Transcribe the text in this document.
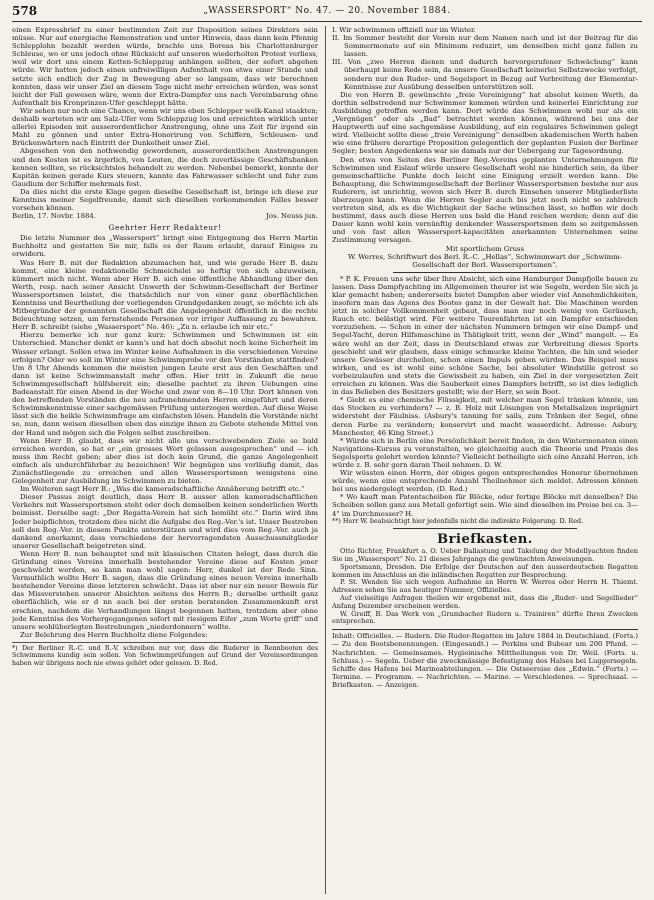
578	„WASSERSPORT“ No. 47. — 20. November 1884.

einen Expressbrief zu einer bestimmten Zeit zur Disposition seines Direktors sein müsse. Nur auf energische Remonstration und unter Hinweis, dass dann kein Pfennig Schlepplohn bezahlt werden würde, brachte uns Boreas bis Charlottenburger Schleuse, wo er uns jedoch ohne Rücksicht auf unseren wiederholten Protest verliess, weil wir dort uns einem Ketten-Schleppzug anhängen sollten, der sofort abgehen würde. Wir hatten jedoch einen unfreiwilligen Aufenthalt von etwa einer Stunde und setzte sich endlich der Zug in Bewegung aber so langsam, dass wir berechnen konnten, dass wir unser Ziel an diesem Tage nicht mehr erreichen würden, was sonst leicht der Fall gewesen wäre, wenn der Extra-Dampfer uns nach Vereinbarung ohne Aufenthalt bis Kronprinzen-Ufer geschleppt hätte.

Wir sehen nur noch eine Chance, wenn wir uns eben Schlepper welk-Kanal staakten; deshalb warteten wir am Salz-Ufer vom Schleppzug los und erreichten wirklich unter allerlei Episoden mit ausserordentlicher Anstrengung, ohne uns Zeit für irgend ein Mahl zu gönnen und unter Extra-Honorirung von Schiffern, Schleusen- und Brückenwärtern nach Eintritt der Dunkelheit unser Ziel.

Abgesehen von den nothwendig gewordenen, ausserordentlichen Anstrengungen und den Kosten ist es ärgerlich, von Leuten, die doch zuverlässige Geschäftsbanken kennen sollten, so rücksichtslos behandelt zu werden. Nebenbei bemerkt, konnte der Kapitän keinen gerade Kurs steuern, kannte das Fahrwasser schlecht und fuhr zum Gaudium der Schiffer mehrmals fest.

Da dies nicht die erste Klage gegen dieselbe Gesellschaft ist, bringe ich diese zur Kenntniss meiner Segelfreunde, damit sich dieselben vorkommenden Falles besser vorsehen können.

Berlin, 17. Novbr. 1884.	Jos. Neuss jun.
Geehrter Herr Redakteur!

Die letzte Nummer des „Wassersport“ bringt eine Entgegnung des Herrn Martin Buchholtz und gestatten Sie mir, falls es der Raum erlaubt, darauf Einiges zu erwidern.

Was Herr B. mit der Redaktion abzumachen hat, und wie gerade Herr B. dazu kommt, eine kleine redaktionelle Schmeichelei so heftig von sich abzuweisen, kümmert mich nicht. Wenn aber Herr B. sich eine öffentliche Abhandlung über den Werth, resp. nach seiner Ansicht Unwerth der Schwimm-Gesellschaft der Berliner Wassersportsmen leistet, die thatsächlich nur von einer ganz oberflächlichen Kenntniss und Beurtheilung der vorliegenden Grundgedanken zeugt, so möchte ich als Mitbegründer der genannten Gesellschaft die Angelegenheit öffentlich in die rechte Beleuchtung setzen, um fernstehende Personen vor irriger Auffassung zu bewahren. Herr B. schreibt (siehe „Wassersport“ No. 46): „Zu n. erlaube ich mir etc.“

Hierzu bemerke ich nur ganz kurz: Schwimmen und Schwimmen ist ein Unterschied. Mancher denkt er kann's und hat doch absolut noch keine Sicherheit im Wasser erlangt. Sollen etwa im Winter keine Aufnahmen in die verschiedenen Vereine erfolgen? Oder wo soll im Winter eine Schwimmprobe vor den Vorständen stattfinden? Um 8 Uhr Abends kommen die meisten jungen Leute erst aus den Geschäften und dann ist keine Schwimmanstalt mehr offen. Hier tritt in Zukunft die neue Schwimmgesellschaft hülfsbereit ein; dieselbe pachtet zu ihren Uebungen eine Badeanstalt für einen Abend in der Woche und zwar von 8—10 Uhr. Dort können von den betreffenden Vorständen die neu aufzunehmenden Herren eingeführt und deren Schwimmkenntnisse einer sachgemässen Prüfung unterzogen werden. Auf diese Weise lässt sich die heikle Schwimmfrage am einfachsten lösen. Handeln die Vorstände nicht so, nun, dann weisen dieselben eben das einzige ihnen zu Gebote stehende Mittel von der Hand und mögen sich die Folgen selbst zuschreiben.

Wenn Herr B. glaubt, dass wir nicht alle uns vorschwebenden Ziele so bald erreichen werden, so hat er „ein grosses Wort gelassen ausgesprochen“ und — ich muss ihm Recht geben; aber dies ist doch kein Grund, die ganze Angelegenheit einfach als undurchführbar zu bezeichnen! Wir begnügen uns vorläufig damit, das Zunächstliegende zu erreichen und allen Wassersportsmen wenigstens eine Gelegenheit zur Ausbildung im Schwimmen zu bieten.

Im Weiteren sagt Herr B.: „Was die kameradschaftliche Annäherung betrifft etc.“

Dieser Passus zeigt deutlich, dass Herr B. ausser allen kameradschaftlichen Verkehrs mit Wassersportsmen steht oder doch demselben keinen sonderlichen Werth beimisst. Derselbe sagt: „Der Regatta-Verein hat sich bemüht etc.“ Darin wird ihm Jeder beipflichten, trotzdem dies nicht die Aufgabe des Reg.-Ver.'s ist. Unser Bestreben soll den Reg.-Ver. in diesem Punkte unterstützen und wird dies vom Reg.-Ver. auch ja dankend anerkannt, dass verschiedene der hervorragendsten Ausschussmitglieder unserer Gesellschaft beigetreten sind.

Wenn Herr B. nun behauptet und mit klassischen Citaten belegt, dass durch die Gründung eines Vereins innerhalb bestehender Vereine diese auf Kosten jener geschwächt werden, so kann man wohl sagen: Herr, dunkel ist der Rede Sinn. Vermuthlich wollte Herr B. sagen, dass die Gründung eines neuen Vereins innerhalb bestehender Vereine diese letzteren schwächt. Dass ist aber nur ein neuer Beweis für das Missverstehen unserer Absichten seitens des Herrn B.; derselbe urtheilt ganz oberflächlich, wie er d nn auch bei der ersten beratenden Zusammenkunft erst erschien, nachdem die Verhandlungen längst begonnen hatten, trotzdem aber ohne jede Kenntniss des Vorhergegangenen sofort mit riesigem Eifer „zum Worte griff“ und unsere wohlüberlegten Bestrebungen „niederdonnern“ wollte.

Zur Belehrung des Herrn Buchholtz diene Folgendes:

*) Der Berliner R.-C. und R.-V. schreiben nur vor, dass die Ruderer in Rennbooten des Schwimmens kundig sein sollen. Von Schwimmprüfungen auf Grund der Vereinsordnungen haben wir übrigens noch nie etwas gehört oder gelesen. D. Red.

I. Wir schwimmen offiziell nur im Winter.

II. Im Sommer besteht der Verein nur dem Namen nach und ist der Beitrag für die Sommermonate auf ein Minimum reduzirt, um denselben nicht ganz fallen zu lassen.

III. Von „zwo Herren dienen und dadurch hervorgerufener Schwächung“ kann überhaupt keine Rede sein, da unsere Gesellschaft keinerlei Selbstzwecke verfolgt, sondern nur den Ruder- und Segelsport in Bezug auf Verbreitung der Elementar-Kenntnisse zur Ausübung desselben unterstützen soll.

Die von Herrn B. gewünschte „freie Vereinigung“ hat absolut keinen Werth, da dorthin selbstredend nur Schwimmer kommen würden und keinerlei Einrichtung zur Ausbildung getroffen werden kann. Dort würde das Schwimmen wohl nur als ein „Vergnügen“ oder als „Bad“ betrachtet werden können, während bei uns der Hauptwerth auf eine sachgemässe Ausbildung, auf ein regulaires Schwimmen gelegt wird. Vielleicht sollte diese „freie Vereinigung“ denselben akademischen Werth haben wie eine frühere derartige Proposition gelegentlich der geplanten Fusion der Berliner Segler; besten Angedenkens war sie damals nur der Uebergang zur Tagesordnung.

Den etwa von Seiten des Berliner Reg.-Vereins geplanten Unternehmungen für Schwimmen und Eislauf würde unsere Gesellschaft wohl nie hinderlich sein, da über gemeinschaftliche Punkte doch leicht eine Einigung erzielt werden kann. Die Behauptung, die Schwimmgesellschaft der Berliner Wassersportsmen bestehe nur aus Ruderern, ist unrichtig, wovon sich Herr B. durch Einsehen unserer Mitgliederliste überzeugen kann. Wenn die Herren Segler auch bis jetzt noch nicht so zahlreich vertreten sind, als es die Wichtigkeit der Sache wünschen lässt, so hoffen wir doch bestimmt, dass auch diese Herren uns bald die Hand reichen werden; denn auf die Dauer kann wohl kein vernünftig denkender Wassersportsmen dem so zeitgemässen und von fast allen Wassersport-kapacitäten anerkannten Unternehmen seine Zustimmung versagen.

Mit sportlichem Gruss
W. Werres, Schriftwart des Berl. R.-C. „Hellas“, Schwimmwart der „Schwimm-Gesellschaft der Berl. Wassersportsmen“.

* P. K. Freuen uns sehr über Ihre Absicht, sich eine Hamburger Dampfjolle bauen zu lassen. Dass Dampfyachting im Allgemeinen theurer ist wie Segeln, werden Sie sich ja klar gemacht haben; andererseits bietet Dampfen aber wieder viel Annehmlichkeiten, insofern man das Agens des Bootes ganz in der Gewalt hat. Die Maschinen werden jetzt in solcher Vollkommenheit gebaut, dass man nur noch wenig von Geräusch, Rauch etc. belästigt wird. Für weitere Tourenfahrten ist ein Dampfer entschieden vorzuziehen. — Schon in einer der nächsten Nummern bringen wir eine Dampf- und Segel-Yacht, deren Hilfsmaschine in Thätigkeit tritt, wenn der „Wind“ mangelt. — Es wäre wohl an der Zeit, dass in Deutschland etwas zur Verbreitung dieses Sports geschieht und wir glauben, dass einige schmucke kleine Yachten, die hin und wieder unsere Gewässer durcheilen, schon einen Impuls geben würden. Das Beispiel muss wirken, und es ist wohl eine schöne Sache, bei absoluter Windstille getrost so vorbeizulaufen und stets die Gewissheit zu haben, ein Ziel in der vorgesetzten Zeit erreichen zu können. Was die Sauberkeit eines Dampfers betrifft, so ist dies lediglich in das Belieben des Besitzers gestellt; wie der Herr, so sein Boot.

* Giebt es eine chemische Flüssigkeit, mit welcher man Segel tränken könnte, um das Stocken zu verhindern? — z. B. Holz mit Lösungen von Metallsalzen imprägnirt widersteht der Fäulniss. (Asbury's tanning for sails, zum Tränken der Segel, ohne deren Farbe zu verändern; konservirt und macht wasserdicht. Adresse: Asbury, Manchester, 46 King Street.)

* Würde sich in Berlin eine Persönlichkeit bereit finden, in den Wintermonaten einen Navigations-Kursus zu veranstalten, wo gleichzeitig auch die Theorie und Praxis des Segelsports gelehrt werden könnte? Vielleicht betheiligte sich eine Anzahl Herren, ich würde z. B. sehr gern daran Theil nehmen. D. W.

Wir wüssten einen Herrn, der obiges gegen entsprechendes Honorar übernehmen würde, wenn eine entsprechende Anzahl Theilnehmer sich meldet. Adressen können bei uns niedergelegt werden. (D. Red.)

* Wo kauft man Patentscheiben für Blöcke, oder fertige Blöcke mit denselben? Die Scheiben sollen ganz aus Metall gefertigt sein. Wie sind dieselben im Preise bei ca. 3—4" im Durchmesser? H.

**) Herr W. beabsichtigt hier jedenfalls nicht die indirekte Folgerung. D. Red.
Briefkasten.

Otto Richter, Frankfurt a. O. Ueber Ballastung und Takelung der Modellyachten finden Sie im „Wassersport“ No. 21 dieses Jahrgangs die gewünschten Anweisungen.

Sportsmann, Dresden. Die Erfolge der Deutschen auf den ausserdeutschen Regatten kommen im Anschluss an die inländischen Regatten zur Besprechung.

P. St. Wenden Sie sich wegen Aufnahme an Herrn W. Werres oder Herrn H. Thiemt. Adressen sehen Sie aus heutiger Nummer, Offizielles.

Auf vielseitige Anfragen theilen wir ergebenst mit, dass die „Ruder- und Segellieder“ Anfang Dezember erscheinen werden.

W. Greiff, B. Das Werk von „Grumbacher Rudern u. Trainiren“ dürfte Ihren Zwecken entsprechen.

Inhalt: Officielles. — Rudern. Die Ruder-Regatten im Jahre 1884 in Deutschland. (Forts.) — Zu den Bootsbenennungen. (Eingesandt.) — Perkins und Bubear um 200 Pfund. — Nachrichten. — Gemeinsames. Hygieinische Mittheilungen von Dr. Weil. (Forts. u. Schluss.) — Segeln. Ueber die zweckmässige Befestigung des Halses bei Luggersegeln. Schiffe des Hafens bei Marineabteilungen. — Die Ostseereise des „Edwin.“ (Forts.) — Termine. — Programm. — Nachrichten. — Marine. — Verschiedenes. — Sprechsaal. — Briefkasten. — Anzeigen.
